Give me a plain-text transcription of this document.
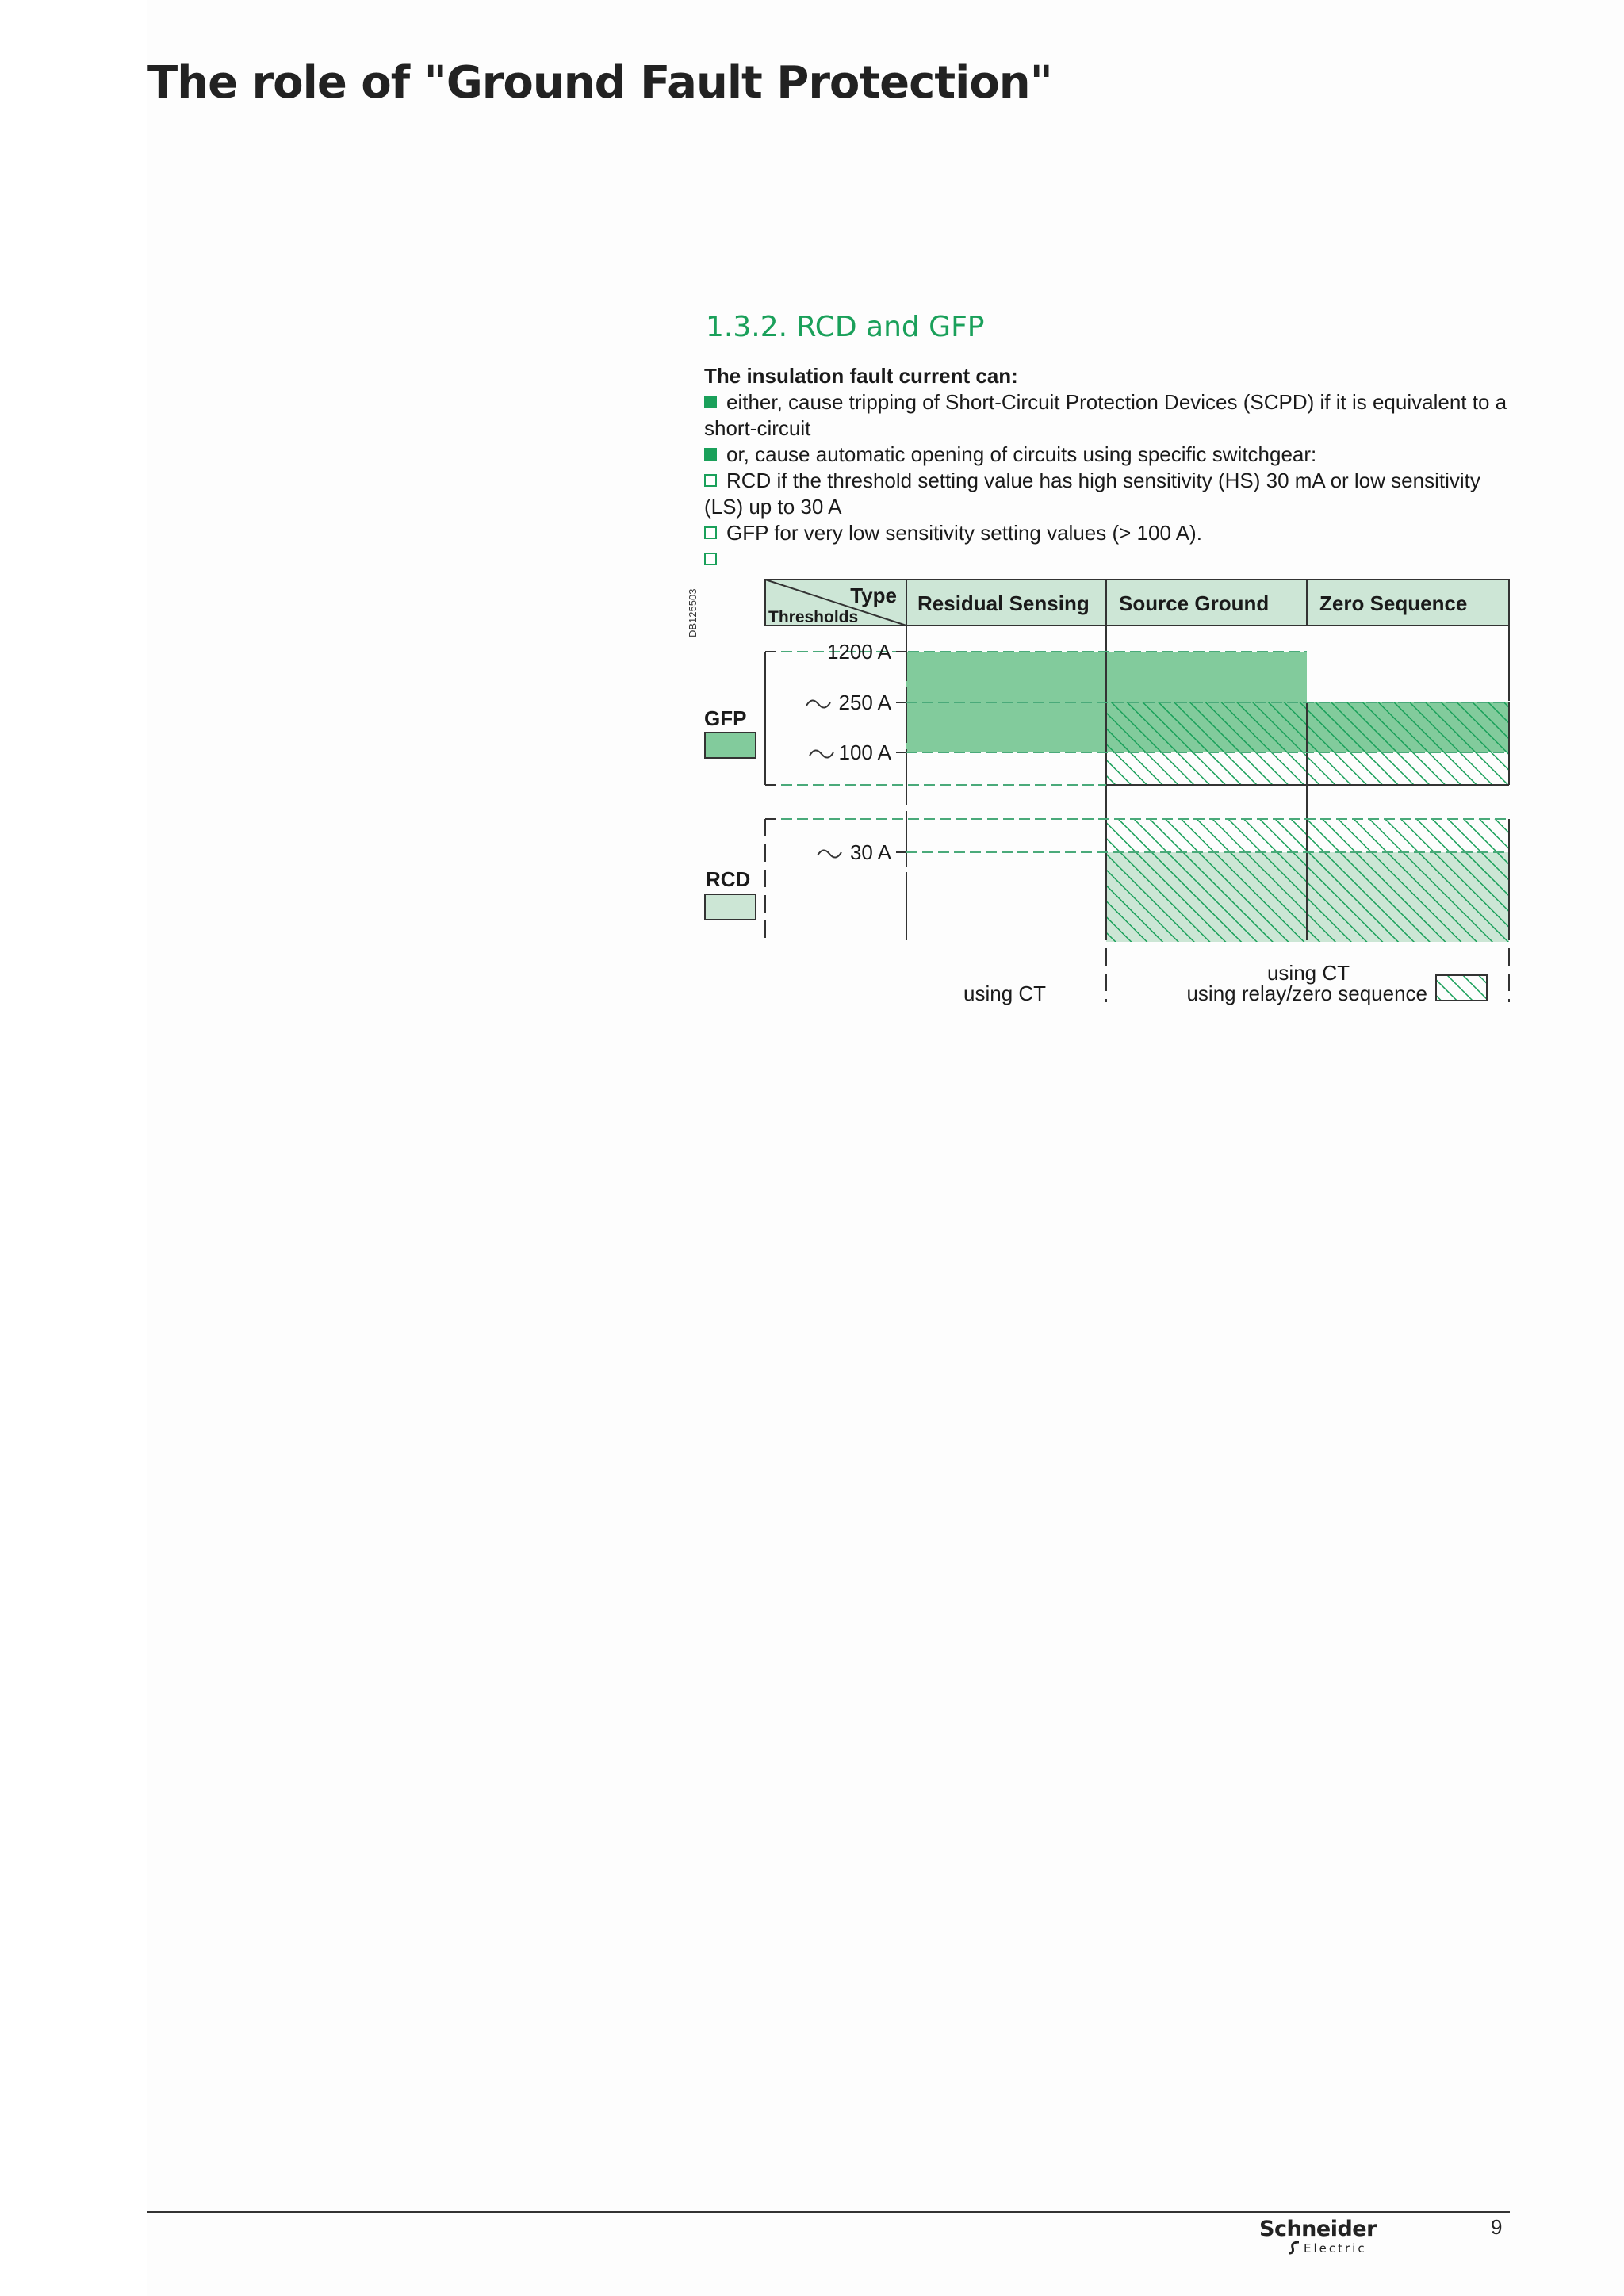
The role of "Ground Fault Protection"
1.3.2. RCD and GFP

The insulation fault current can:

either, cause tripping of Short-Circuit Protection Devices (SCPD) if it is equivalent to a short-circuit

or, cause automatic opening of circuits using specific switchgear:

RCD if the threshold setting value has high sensitivity (HS) 30 mA or low sensitivity (LS) up to 30 A

GFP for very low sensitivity setting values (> 100 A).

DB125503	Type
Thresholds
Residual Sensing Source Ground Zero Sequence
1200 A
250 A
100 A
30 A
GFP
RCD
using CT
using CT
using relay/zero sequence
Schneider
Electric
9
